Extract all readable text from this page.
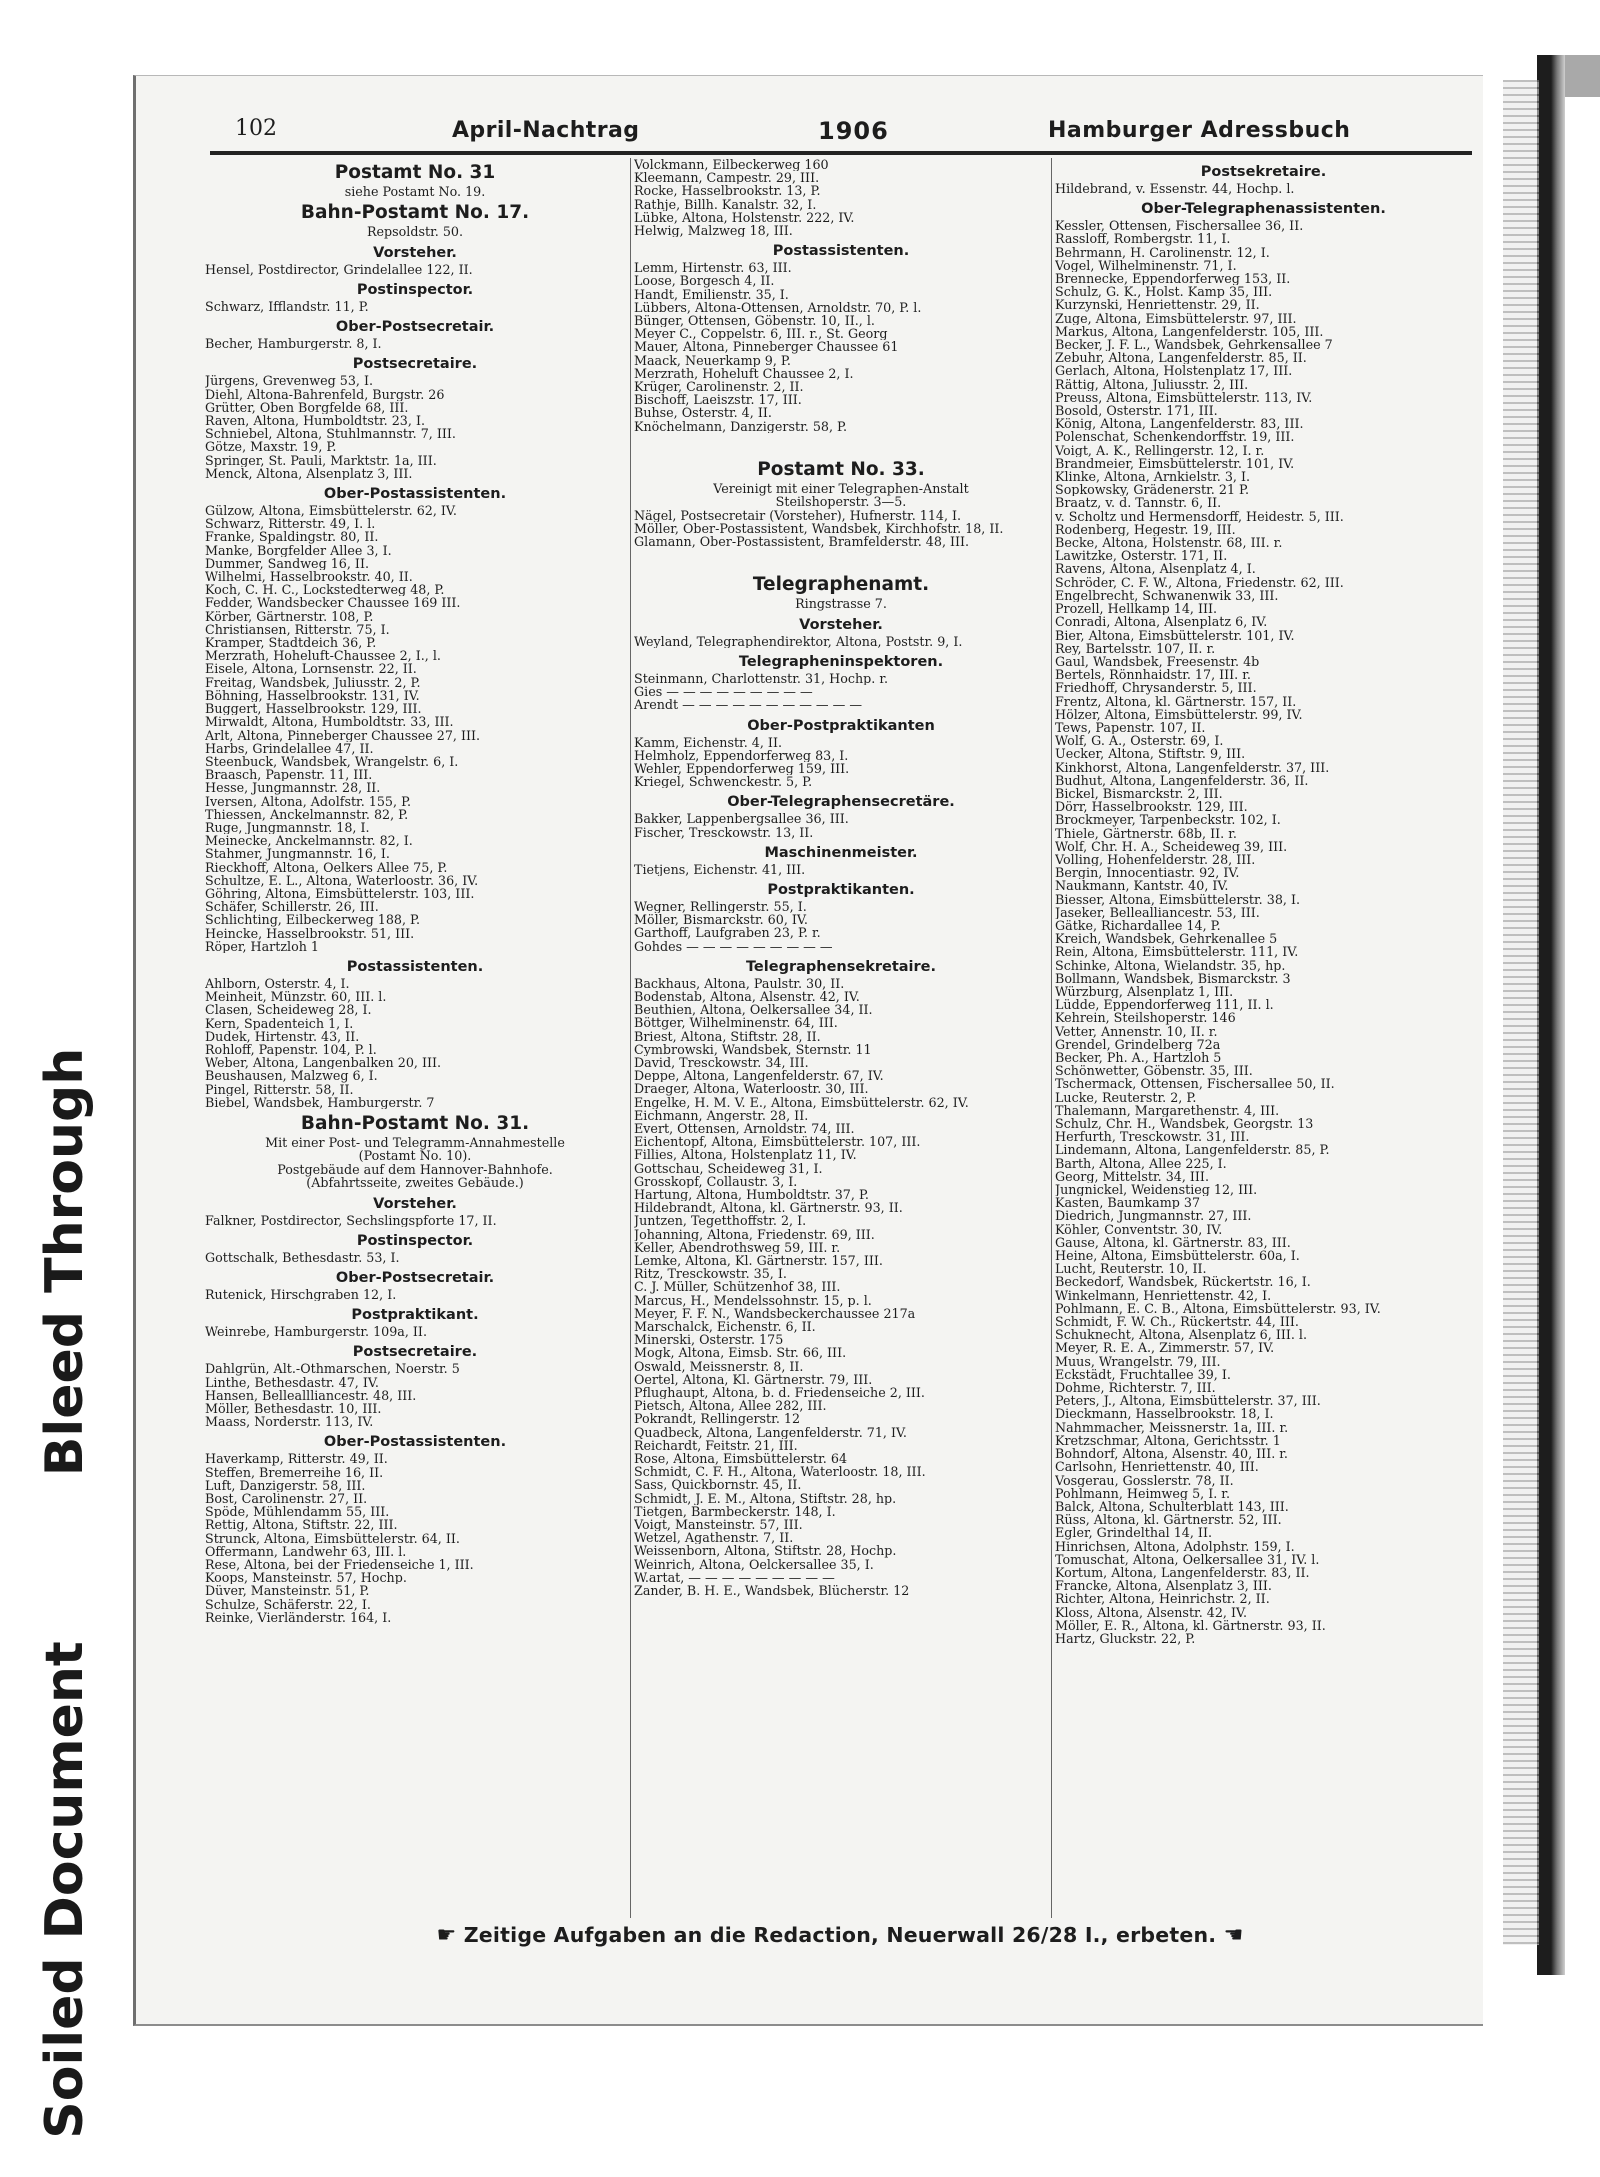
Soiled Document
Bleed Through
102	April-Nachtrag	1906	Hamburger Adressbuch
Postamt No. 31
siehe Postamt No. 19.
Bahn-Postamt No. 17.
Repsoldstr. 50.
Vorsteher.
Hensel, Postdirector, Grindelallee 122, II.
Postinspector.
Schwarz, Ifflandstr. 11, P.
Ober-Postsecretair.
Becher, Hamburgerstr. 8, I.
Postsecretaire.
Jürgens, Grevenweg 53, I.
Diehl, Altona-Bahrenfeld, Burgstr. 26
Grütter, Oben Borgfelde 68, III.
Raven, Altona, Humboldtstr. 23, I.
Schniebel, Altona, Stuhlmannstr. 7, III.
Götze, Maxstr. 19, P.
Springer, St. Pauli, Marktstr. 1a, III.
Menck, Altona, Alsenplatz 3, III.
Ober-Postassistenten.
Gülzow, Altona, Eimsbüttelerstr. 62, IV.
Schwarz, Ritterstr. 49, I. l.
Franke, Spaldingstr. 80, II.
Manke, Borgfelder Allee 3, I.
Dummer, Sandweg 16, II.
Wilhelmi, Hasselbrookstr. 40, II.
Koch, C. H. C., Lockstedterweg 48, P.
Fedder, Wandsbecker Chaussee 169 III.
Körber, Gärtnerstr. 108, P.
Christiansen, Ritterstr. 75, I.
Kramper, Stadtdeich 36, P.
Merzrath, Hoheluft-Chaussee 2, I., l.
Eisele, Altona, Lornsenstr. 22, II.
Freitag, Wandsbek, Juliusstr. 2, P.
Böhning, Hasselbrookstr. 131, IV.
Buggert, Hasselbrookstr. 129, III.
Mirwaldt, Altona, Humboldtstr. 33, III.
Arlt, Altona, Pinneberger Chaussee 27, III.
Harbs, Grindelallee 47, II.
Steenbuck, Wandsbek, Wrangelstr. 6, I.
Braasch, Papenstr. 11, III.
Hesse, Jungmannstr. 28, II.
Iversen, Altona, Adolfstr. 155, P.
Thiessen, Anckelmannstr. 82, P.
Ruge, Jungmannstr. 18, I.
Meinecke, Anckelmannstr. 82, I.
Stahmer, Jungmannstr. 16, I.
Rieckhoff, Altona, Oelkers Allee 75, P.
Schultze, E. L., Altona, Waterloostr. 36, IV.
Göhring, Altona, Eimsbüttelerstr. 103, III.
Schäfer, Schillerstr. 26, III.
Schlichting, Eilbeckerweg 188, P.
Heincke, Hasselbrookstr. 51, III.
Röper, Hartzloh 1
Postassistenten.
Ahlborn, Osterstr. 4, I.
Meinheit, Münzstr. 60, III. l.
Clasen, Scheideweg 28, I.
Kern, Spadenteich 1, I.
Dudek, Hirtenstr. 43, II.
Rohloff, Papenstr. 104, P. l.
Weber, Altona, Langenbalken 20, III.
Beushausen, Malzweg 6, I.
Pingel, Ritterstr. 58, II.
Biebel, Wandsbek, Hamburgerstr. 7
Bahn-Postamt No. 31.
Mit einer Post- und Telegramm-Annahmestelle
(Postamt No. 10).
Postgebäude auf dem Hannover-Bahnhofe.
(Abfahrtsseite, zweites Gebäude.)
Vorsteher.
Falkner, Postdirector, Sechslingspforte 17, II.
Postinspector.
Gottschalk, Bethesdastr. 53, I.
Ober-Postsecretair.
Rutenick, Hirschgraben 12, I.
Postpraktikant.
Weinrebe, Hamburgerstr. 109a, II.
Postsecretaire.
Dahlgrün, Alt.-Othmarschen, Noerstr. 5
Linthe, Bethesdastr. 47, IV.
Hansen, Belleallliancestr. 48, III.
Möller, Bethesdastr. 10, III.
Maass, Norderstr. 113, IV.
Ober-Postassistenten.
Haverkamp, Ritterstr. 49, II.
Steffen, Bremerreihe 16, II.
Luft, Danzigerstr. 58, III.
Bost, Carolinenstr. 27, II.
Spöde, Mühlendamm 55, III.
Rettig, Altona, Stiftstr. 22, III.
Strunck, Altona, Eimsbüttelerstr. 64, II.
Offermann, Landwehr 63, III. l.
Rese, Altona, bei der Friedenseiche 1, III.
Koops, Mansteinstr. 57, Hochp.
Düver, Mansteinstr. 51, P.
Schulze, Schäferstr. 22, I.
Reinke, Vierländerstr. 164, I.
Volckmann, Eilbeckerweg 160
Kleemann, Campestr. 29, III.
Rocke, Hasselbrookstr. 13, P.
Rathje, Billh. Kanalstr. 32, I.
Lübke, Altona, Holstenstr. 222, IV.
Helwig, Malzweg 18, III.
Postassistenten.
Lemm, Hirtenstr. 63, III.
Loose, Borgesch 4, II.
Handt, Emilienstr. 35, I.
Lübbers, Altona-Ottensen, Arnoldstr. 70, P. l.
Bünger, Ottensen, Göbenstr. 10, II., l.
Meyer C., Coppelstr. 6, III. r., St. Georg
Mauer, Altona, Pinneberger Chaussee 61
Maack, Neuerkamp 9, P.
Merzrath, Hoheluft Chaussee 2, I.
Krüger, Carolinenstr. 2, II.
Bischoff, Laeiszstr. 17, III.
Buhse, Osterstr. 4, II.
Knöchelmann, Danzigerstr. 58, P.
Postamt No. 33.
Vereinigt mit einer Telegraphen-Anstalt
Steilshoperstr. 3—5.
Nägel, Postsecretair (Vorsteher), Hufnerstr. 114, I.
Möller, Ober-Postassistent, Wandsbek, Kirchhofstr. 18, II.
Glamann, Ober-Postassistent, Bramfelderstr. 48, III.
Telegraphenamt.
Ringstrasse 7.
Vorsteher.
Weyland, Telegraphendirektor, Altona, Poststr. 9, I.
Telegrapheninspektoren.
Steinmann, Charlottenstr. 31, Hochp. r.
Gies — — — — — — — — —
Arendt — — — — — — — — — — —
Ober-Postpraktikanten
Kamm, Eichenstr. 4, II.
Helmholz, Eppendorferweg 83, I.
Wehler, Eppendorferweg 159, III.
Kriegel, Schwenckestr. 5, P.
Ober-Telegraphensecretäre.
Bakker, Lappenbergsallee 36, III.
Fischer, Tresckowstr. 13, II.
Maschinenmeister.
Tietjens, Eichenstr. 41, III.
Postpraktikanten.
Wegner, Rellingerstr. 55, I.
Möller, Bismarckstr. 60, IV.
Garthoff, Laufgraben 23, P. r.
Gohdes — — — — — — — — —
Telegraphensekretaire.
Backhaus, Altona, Paulstr. 30, II.
Bodenstab, Altona, Alsenstr. 42, IV.
Beuthien, Altona, Oelkersallee 34, II.
Böttger, Wilhelminenstr. 64, III.
Briest, Altona, Stiftstr. 28, II.
Cymbrowski, Wandsbek, Sternstr. 11
David, Tresckowstr. 34, III.
Deppe, Altona, Langenfelderstr. 67, IV.
Draeger, Altona, Waterloostr. 30, III.
Engelke, H. M. V. E., Altona, Eimsbüttelerstr. 62, IV.
Eichmann, Angerstr. 28, II.
Evert, Ottensen, Arnoldstr. 74, III.
Eichentopf, Altona, Eimsbüttelerstr. 107, III.
Fillies, Altona, Holstenplatz 11, IV.
Gottschau, Scheideweg 31, I.
Grosskopf, Collaustr. 3, I.
Hartung, Altona, Humboldtstr. 37, P.
Hildebrandt, Altona, kl. Gärtnerstr. 93, II.
Juntzen, Tegetthoffstr. 2, I.
Johanning, Altona, Friedenstr. 69, III.
Keller, Abendrothsweg 59, III. r.
Lemke, Altona, Kl. Gärtnerstr. 157, III.
Ritz, Tresckowstr. 35, I.
C. J. Müller, Schützenhof 38, III.
Marcus, H., Mendelssohnstr. 15, p. l.
Meyer, F. F. N., Wandsbeckerchaussee 217a
Marschalck, Eichenstr. 6, II.
Minerski, Osterstr. 175
Mogk, Altona, Eimsb. Str. 66, III.
Oswald, Meissnerstr. 8, II.
Oertel, Altona, Kl. Gärtnerstr. 79, III.
Pflughaupt, Altona, b. d. Friedenseiche 2, III.
Pietsch, Altona, Allee 282, III.
Pokrandt, Rellingerstr. 12
Quadbeck, Altona, Langenfelderstr. 71, IV.
Reichardt, Feitstr. 21, III.
Rose, Altona, Eimsbüttelerstr. 64
Schmidt, C. F. H., Altona, Waterloostr. 18, III.
Sass, Quickbornstr. 45, II.
Schmidt, J. E. M., Altona, Stiftstr. 28, hp.
Tietgen, Barmbeckerstr. 148, I.
Voigt, Mansteinstr. 57, III.
Wetzel, Agathenstr. 7, II.
Weissenborn, Altona, Stiftstr. 28, Hochp.
Weinrich, Altona, Oelckersallee 35, I.
W.artat, — — — — — — — — —
Zander, B. H. E., Wandsbek, Blücherstr. 12
Postsekretaire.
Hildebrand, v. Essenstr. 44, Hochp. l.
Ober-Telegraphenassistenten.
Kessler, Ottensen, Fischersallee 36, II.
Rassloff, Rombergstr. 11, I.
Behrmann, H. Carolinenstr. 12, I.
Vogel, Wilhelminenstr. 71, I.
Brennecke, Eppendorferweg 153, II.
Schulz, G. K., Holst. Kamp 35, III.
Kurzynski, Henriettenstr. 29, II.
Zuge, Altona, Eimsbüttelerstr. 97, III.
Markus, Altona, Langenfelderstr. 105, III.
Becker, J. F. L., Wandsbek, Gehrkensallee 7
Zebuhr, Altona, Langenfelderstr. 85, II.
Gerlach, Altona, Holstenplatz 17, III.
Rättig, Altona, Juliusstr. 2, III.
Preuss, Altona, Eimsbüttelerstr. 113, IV.
Bosold, Osterstr. 171, III.
König, Altona, Langenfelderstr. 83, III.
Polenschat, Schenkendorffstr. 19, III.
Voigt, A. K., Rellingerstr. 12, I. r.
Brandmeier, Eimsbüttelerstr. 101, IV.
Klinke, Altona, Arnkielstr. 3, I.
Sopkowsky, Grädenerstr. 21 P.
Braatz, v. d. Tannstr. 6, II.
v. Scholtz und Hermensdorff, Heidestr. 5, III.
Rodenberg, Hegestr. 19, III.
Becke, Altona, Holstenstr. 68, III. r.
Lawitzke, Osterstr. 171, II.
Ravens, Altona, Alsenplatz 4, I.
Schröder, C. F. W., Altona, Friedenstr. 62, III.
Engelbrecht, Schwanenwik 33, III.
Prozell, Hellkamp 14, III.
Conradi, Altona, Alsenplatz 6, IV.
Bier, Altona, Eimsbüttelerstr. 101, IV.
Rey, Bartelsstr. 107, II. r.
Gaul, Wandsbek, Freesenstr. 4b
Bertels, Rönnhaidstr. 17, III. r.
Friedhoff, Chrysanderstr. 5, III.
Frentz, Altona, kl. Gärtnerstr. 157, II.
Hölzer, Altona, Eimsbüttelerstr. 99, IV.
Tews, Papenstr. 107, II.
Wolf, G. A., Osterstr. 69, I.
Uecker, Altona, Stiftstr. 9, III.
Kinkhorst, Altona, Langenfelderstr. 37, III.
Budhut, Altona, Langenfelderstr. 36, II.
Bickel, Bismarckstr. 2, III.
Dörr, Hasselbrookstr. 129, III.
Brockmeyer, Tarpenbeckstr. 102, I.
Thiele, Gärtnerstr. 68b, II. r.
Wolf, Chr. H. A., Scheideweg 39, III.
Volling, Hohenfelderstr. 28, III.
Bergin, Innocentiastr. 92, IV.
Naukmann, Kantstr. 40, IV.
Biesser, Altona, Eimsbüttelerstr. 38, I.
Jaseker, Bellealliancestr. 53, III.
Gätke, Richardallee 14, P.
Kreich, Wandsbek, Gehrkenallee 5
Rein, Altona, Eimsbüttelerstr. 111, IV.
Schinke, Altona, Wielandstr. 35, hp.
Bollmann, Wandsbek, Bismarckstr. 3
Würzburg, Alsenplatz 1, III.
Lüdde, Eppendorferweg 111, II. l.
Kehrein, Steilshoperstr. 146
Vetter, Annenstr. 10, II. r.
Grendel, Grindelberg 72a
Becker, Ph. A., Hartzloh 5
Schönwetter, Göbenstr. 35, III.
Tschermack, Ottensen, Fischersallee 50, II.
Lucke, Reuterstr. 2, P.
Thalemann, Margarethenstr. 4, III.
Schulz, Chr. H., Wandsbek, Georgstr. 13
Herfurth, Tresckowstr. 31, III.
Lindemann, Altona, Langenfelderstr. 85, P.
Barth, Altona, Allee 225, I.
Georg, Mittelstr. 34, III.
Jungnickel, Weidenstieg 12, III.
Kasten, Baumkamp 37
Diedrich, Jungmannstr. 27, III.
Köhler, Conventstr. 30, IV.
Gause, Altona, kl. Gärtnerstr. 83, III.
Heine, Altona, Eimsbüttelerstr. 60a, I.
Lucht, Reuterstr. 10, II.
Beckedorf, Wandsbek, Rückertstr. 16, I.
Winkelmann, Henriettenstr. 42, I.
Pohlmann, E. C. B., Altona, Eimsbüttelerstr. 93, IV.
Schmidt, F. W. Ch., Rückertstr. 44, III.
Schuknecht, Altona, Alsenplatz 6, III. l.
Meyer, R. E. A., Zimmerstr. 57, IV.
Muus, Wrangelstr. 79, III.
Eckstädt, Fruchtallee 39, I.
Dohme, Richterstr. 7, III.
Peters, J., Altona, Eimsbüttelerstr. 37, III.
Dieckmann, Hasselbrookstr. 18, I.
Nahmmacher, Meissnerstr. 1a, III. r.
Kretzschmar, Altona, Gerichtsstr. 1
Bohndorf, Altona, Alsenstr. 40, III. r.
Carlsohn, Henriettenstr. 40, III.
Vosgerau, Gosslerstr. 78, II.
Pohlmann, Heimweg 5, I. r.
Balck, Altona, Schulterblatt 143, III.
Rüss, Altona, kl. Gärtnerstr. 52, III.
Egler, Grindelthal 14, II.
Hinrichsen, Altona, Adolphstr. 159, I.
Tomuschat, Altona, Oelkersallee 31, IV. l.
Kortum, Altona, Langenfelderstr. 83, II.
Francke, Altona, Alsenplatz 3, III.
Richter, Altona, Heinrichstr. 2, II.
Kloss, Altona, Alsenstr. 42, IV.
Möller, E. R., Altona, kl. Gärtnerstr. 93, II.
Hartz, Gluckstr. 22, P.
☛ Zeitige Aufgaben an die Redaction, Neuerwall 26/28 I., erbeten. ☚
